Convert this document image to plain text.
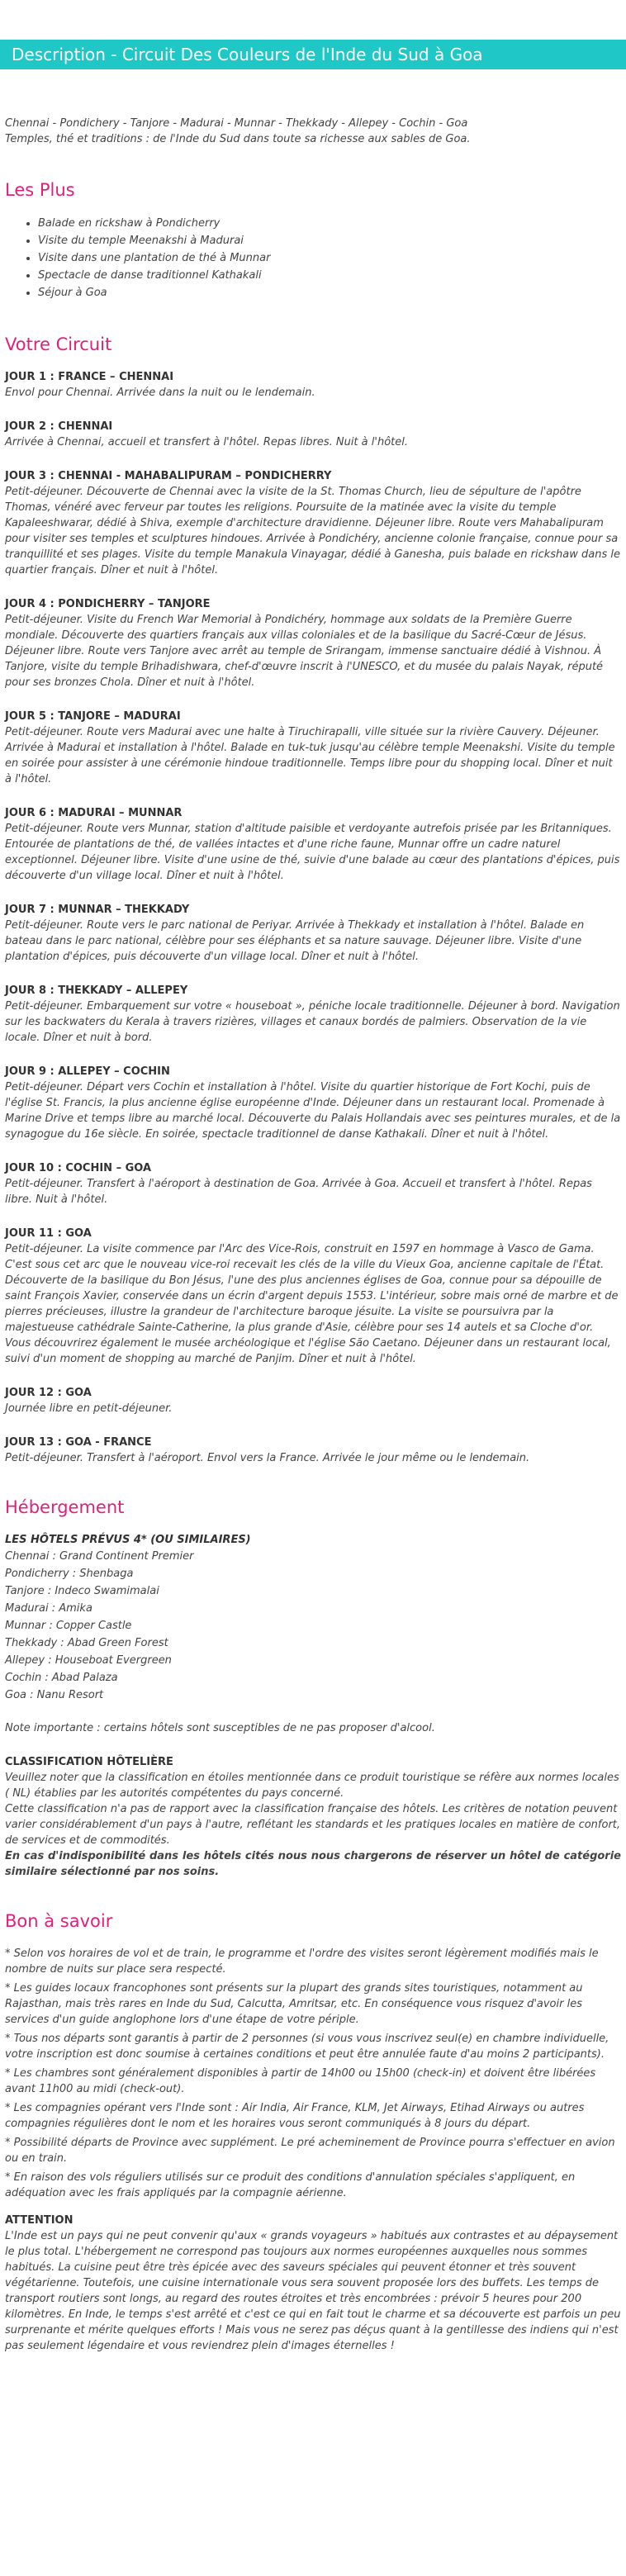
Description - Circuit Des Couleurs de l'Inde du Sud à Goa

Chennai - Pondichery - Tanjore - Madurai - Munnar - Thekkady - Allepey - Cochin - Goa

Temples, thé et traditions : de l'Inde du Sud dans toute sa richesse aux sables de Goa.

Les Plus
• Balade en rickshaw à Pondicherry
• Visite du temple Meenakshi à Madurai
• Visite dans une plantation de thé à Munnar
• Spectacle de danse traditionnel Kathakali
• Séjour à Goa
Votre Circuit

JOUR 1 : FRANCE – CHENNAI

Envol pour Chennai. Arrivée dans la nuit ou le lendemain.

JOUR 2 : CHENNAI

Arrivée à Chennai, accueil et transfert à l'hôtel. Repas libres. Nuit à l'hôtel.

JOUR 3 : CHENNAI - MAHABALIPURAM – PONDICHERRY

Petit-déjeuner. Découverte de Chennai avec la visite de la St. Thomas Church, lieu de sépulture de l'apôtre Thomas, vénéré avec ferveur par toutes les religions. Poursuite de la matinée avec la visite du temple Kapaleeshwarar, dédié à Shiva, exemple d'architecture dravidienne. Déjeuner libre. Route vers Mahabalipuram pour visiter ses temples et sculptures hindoues. Arrivée à Pondichéry, ancienne colonie française, connue pour sa tranquillité et ses plages. Visite du temple Manakula Vinayagar, dédié à Ganesha, puis balade en rickshaw dans le quartier français. Dîner et nuit à l'hôtel.

JOUR 4 : PONDICHERRY – TANJORE

Petit-déjeuner. Visite du French War Memorial à Pondichéry, hommage aux soldats de la Première Guerre mondiale. Découverte des quartiers français aux villas coloniales et de la basilique du Sacré-Cœur de Jésus. Déjeuner libre. Route vers Tanjore avec arrêt au temple de Srirangam, immense sanctuaire dédié à Vishnou. À Tanjore, visite du temple Brihadishwara, chef-d'œuvre inscrit à l'UNESCO, et du musée du palais Nayak, réputé pour ses bronzes Chola. Dîner et nuit à l'hôtel.

JOUR 5 : TANJORE – MADURAI

Petit-déjeuner. Route vers Madurai avec une halte à Tiruchirapalli, ville située sur la rivière Cauvery. Déjeuner. Arrivée à Madurai et installation à l'hôtel. Balade en tuk-tuk jusqu'au célèbre temple Meenakshi. Visite du temple en soirée pour assister à une cérémonie hindoue traditionnelle. Temps libre pour du shopping local. Dîner et nuit à l'hôtel.

JOUR 6 : MADURAI – MUNNAR

Petit-déjeuner. Route vers Munnar, station d'altitude paisible et verdoyante autrefois prisée par les Britanniques. Entourée de plantations de thé, de vallées intactes et d'une riche faune, Munnar offre un cadre naturel exceptionnel. Déjeuner libre. Visite d'une usine de thé, suivie d'une balade au cœur des plantations d'épices, puis découverte d'un village local. Dîner et nuit à l'hôtel.

JOUR 7 : MUNNAR – THEKKADY

Petit-déjeuner. Route vers le parc national de Periyar. Arrivée à Thekkady et installation à l'hôtel. Balade en bateau dans le parc national, célèbre pour ses éléphants et sa nature sauvage. Déjeuner libre. Visite d'une plantation d'épices, puis découverte d'un village local. Dîner et nuit à l'hôtel.

JOUR 8 : THEKKADY – ALLEPEY

Petit-déjeuner. Embarquement sur votre « houseboat », péniche locale traditionnelle. Déjeuner à bord. Navigation sur les backwaters du Kerala à travers rizières, villages et canaux bordés de palmiers. Observation de la vie locale. Dîner et nuit à bord.

JOUR 9 : ALLEPEY – COCHIN

Petit-déjeuner. Départ vers Cochin et installation à l'hôtel. Visite du quartier historique de Fort Kochi, puis de l'église St. Francis, la plus ancienne église européenne d'Inde. Déjeuner dans un restaurant local. Promenade à Marine Drive et temps libre au marché local. Découverte du Palais Hollandais avec ses peintures murales, et de la synagogue du 16e siècle. En soirée, spectacle traditionnel de danse Kathakali. Dîner et nuit à l'hôtel.

JOUR 10 : COCHIN – GOA

Petit-déjeuner. Transfert à l'aéroport à destination de Goa. Arrivée à Goa. Accueil et transfert à l'hôtel. Repas libre. Nuit à l'hôtel.

JOUR 11 : GOA

Petit-déjeuner. La visite commence par l'Arc des Vice-Rois, construit en 1597 en hommage à Vasco de Gama. C'est sous cet arc que le nouveau vice-roi recevait les clés de la ville du Vieux Goa, ancienne capitale de l'État. Découverte de la basilique du Bon Jésus, l'une des plus anciennes églises de Goa, connue pour sa dépouille de saint François Xavier, conservée dans un écrin d'argent depuis 1553. L'intérieur, sobre mais orné de marbre et de pierres précieuses, illustre la grandeur de l'architecture baroque jésuite. La visite se poursuivra par la majestueuse cathédrale Sainte-Catherine, la plus grande d'Asie, célèbre pour ses 14 autels et sa Cloche d'or. Vous découvrirez également le musée archéologique et l'église São Caetano. Déjeuner dans un restaurant local, suivi d'un moment de shopping au marché de Panjim. Dîner et nuit à l'hôtel.

JOUR 12 : GOA

Journée libre en petit-déjeuner.

JOUR 13 : GOA - FRANCE

Petit-déjeuner. Transfert à l'aéroport. Envol vers la France. Arrivée le jour même ou le lendemain.

Hébergement

LES HÔTELS PRÉVUS 4* (OU SIMILAIRES)

Chennai : Grand Continent Premier

Pondicherry : Shenbaga

Tanjore : Indeco Swamimalai

Madurai : Amika

Munnar : Copper Castle

Thekkady : Abad Green Forest

Allepey : Houseboat Evergreen

Cochin : Abad Palaza

Goa : Nanu Resort

Note importante : certains hôtels sont susceptibles de ne pas proposer d'alcool.

CLASSIFICATION HÔTELIÈRE

Veuillez noter que la classification en étoiles mentionnée dans ce produit touristique se réfère aux normes locales ( NL) établies par les autorités compétentes du pays concerné.

Cette classification n'a pas de rapport avec la classification française des hôtels. Les critères de notation peuvent varier considérablement d'un pays à l'autre, reflétant les standards et les pratiques locales en matière de confort, de services et de commodités.

En cas d'indisponibilité dans les hôtels cités nous nous chargerons de réserver un hôtel de catégorie similaire sélectionné par nos soins.

Bon à savoir

* Selon vos horaires de vol et de train, le programme et l'ordre des visites seront légèrement modifiés mais le nombre de nuits sur place sera respecté.

* Les guides locaux francophones sont présents sur la plupart des grands sites touristiques, notamment au Rajasthan, mais très rares en Inde du Sud, Calcutta, Amritsar, etc. En conséquence vous risquez d'avoir les services d'un guide anglophone lors d'une étape de votre périple.

* Tous nos départs sont garantis à partir de 2 personnes (si vous vous inscrivez seul(e) en chambre individuelle, votre inscription est donc soumise à certaines conditions et peut être annulée faute d'au moins 2 participants).

* Les chambres sont généralement disponibles à partir de 14h00 ou 15h00 (check-in) et doivent être libérées avant 11h00 au midi (check-out).

* Les compagnies opérant vers l'Inde sont : Air India, Air France, KLM, Jet Airways, Etihad Airways ou autres compagnies régulières dont le nom et les horaires vous seront communiqués à 8 jours du départ.

* Possibilité départs de Province avec supplément. Le pré acheminement de Province pourra s'effectuer en avion ou en train.

* En raison des vols réguliers utilisés sur ce produit des conditions d'annulation spéciales s'appliquent, en adéquation avec les frais appliqués par la compagnie aérienne.

ATTENTION

L'Inde est un pays qui ne peut convenir qu'aux « grands voyageurs » habitués aux contrastes et au dépaysement le plus total. L'hébergement ne correspond pas toujours aux normes européennes auxquelles nous sommes habitués. La cuisine peut être très épicée avec des saveurs spéciales qui peuvent étonner et très souvent végétarienne. Toutefois, une cuisine internationale vous sera souvent proposée lors des buffets. Les temps de transport routiers sont longs, au regard des routes étroites et très encombrées : prévoir 5 heures pour 200 kilomètres. En Inde, le temps s'est arrêté et c'est ce qui en fait tout le charme et sa découverte est parfois un peu surprenante et mérite quelques efforts ! Mais vous ne serez pas déçus quant à la gentillesse des indiens qui n'est pas seulement légendaire et vous reviendrez plein d'images éternelles !
